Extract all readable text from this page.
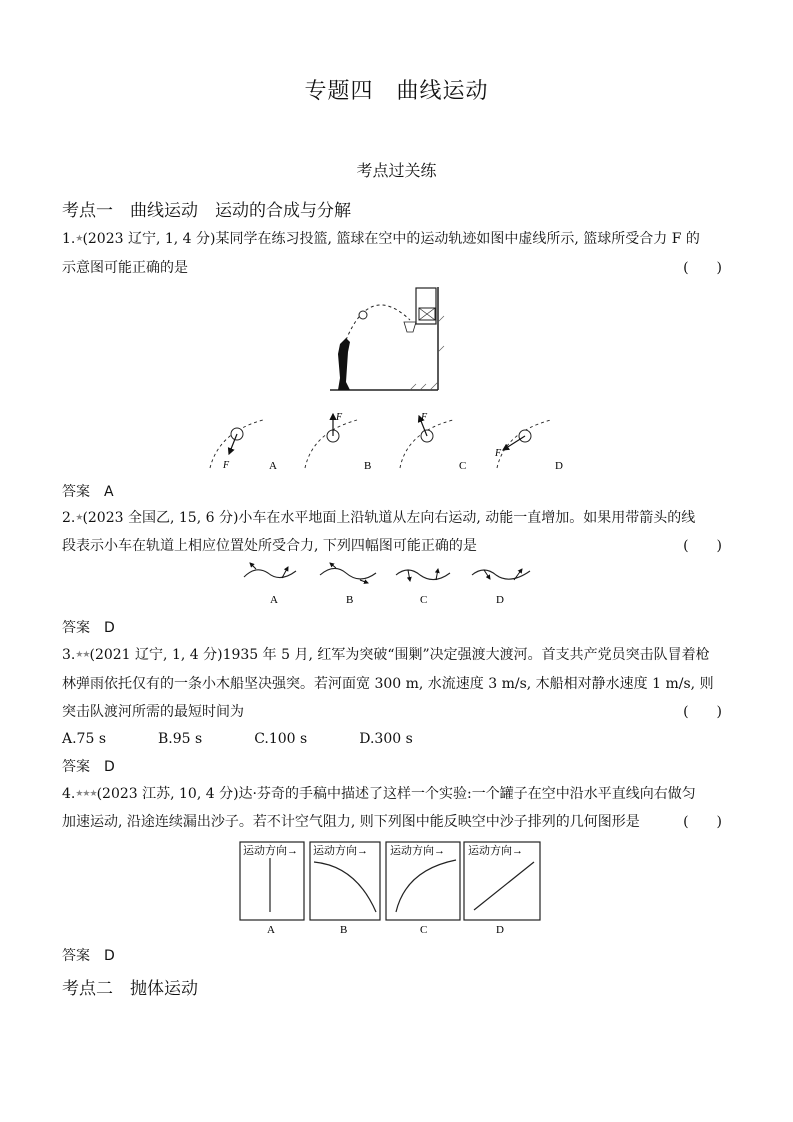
专题四　曲线运动
考点过关练
考点一　曲线运动　运动的合成与分解
1.★(2023 辽宁, 1, 4 分)某同学在练习投篮, 篮球在空中的运动轨迹如图中虚线所示, 篮球所受合力 F 的
示意图可能正确的是	(　　)
F	A
F
B
F
C
F
D
答案 A
2.★(2023 全国乙, 15, 6 分)小车在水平地面上沿轨道从左向右运动, 动能一直增加。如果用带箭头的线
段表示小车在轨道上相应位置处所受合力, 下列四幅图可能正确的是	(　　)
A	B	C	D
答案 D
3.★★(2021 辽宁, 1, 4 分)1935 年 5 月, 红军为突破“围剿”决定强渡大渡河。首支共产党员突击队冒着枪
林弹雨依托仅有的一条小木船坚决强突。若河面宽 300 m, 水流速度 3 m/s, 木船相对静水速度 1 m/s, 则
突击队渡河所需的最短时间为	(　　)
A.75 s	B.95 s	C.100 s	D.300 s
答案 D
4.★★★(2023 江苏, 10, 4 分)达·芬奇的手稿中描述了这样一个实验:一个罐子在空中沿水平直线向右做匀
加速运动, 沿途连续漏出沙子。若不计空气阻力, 则下列图中能反映空中沙子排列的几何图形是	(　　)
运动方向→
A
运动方向→
B
运动方向→
C
运动方向→
D
答案 D
考点二　抛体运动
